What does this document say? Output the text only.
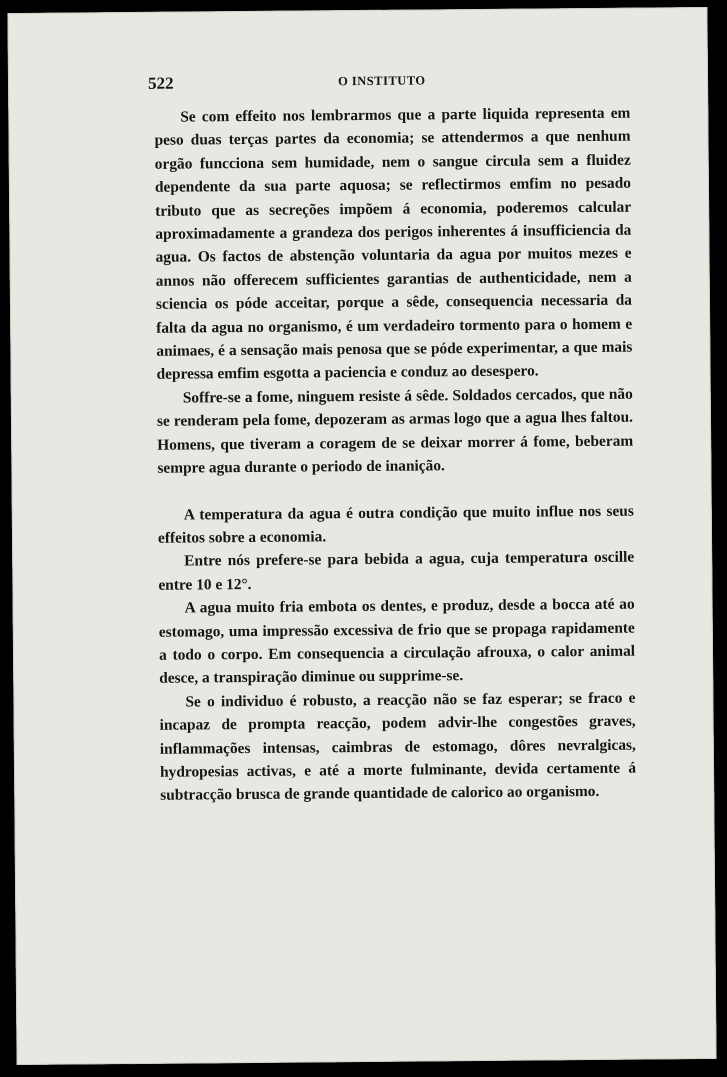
522	O INSTITUTO

Se com effeito nos lembrarmos que a parte liquida representa em peso duas terças partes da economia; se attendermos a que nenhum orgão funcciona sem humidade, nem o sangue circula sem a fluidez dependente da sua parte aquosa; se reflectirmos emfim no pesado tributo que as secreções impõem á economia, poderemos calcular aproximadamente a grandeza dos perigos inherentes á insufficiencia da agua. Os factos de abstenção voluntaria da agua por muitos mezes e annos não offerecem sufficientes garantias de authenticidade, nem a sciencia os póde acceitar, porque a sêde, consequencia necessaria da falta da agua no organismo, é um verdadeiro tormento para o homem e animaes, é a sensação mais penosa que se póde experimentar, a que mais depressa emfim esgotta a paciencia e conduz ao desespero.

Soffre-se a fome, ninguem resiste á sêde. Soldados cercados, que não se renderam pela fome, depozeram as armas logo que a agua lhes faltou. Homens, que tiveram a coragem de se deixar morrer á fome, beberam sempre agua durante o periodo de inanição.

A temperatura da agua é outra condição que muito influe nos seus effeitos sobre a economia.

Entre nós prefere-se para bebida a agua, cuja temperatura oscille entre 10 e 12°.

A agua muito fria embota os dentes, e produz, desde a bocca até ao estomago, uma impressão excessiva de frio que se propaga rapidamente a todo o corpo. Em consequencia a circulação afrouxa, o calor animal desce, a transpiração diminue ou supprime-se.

Se o individuo é robusto, a reacção não se faz esperar; se fraco e incapaz de prompta reacção, podem advir-lhe congestões graves, inflammações intensas, caimbras de estomago, dôres nevralgicas, hydropesias activas, e até a morte fulminante, devida certamente á subtracção brusca de grande quantidade de calorico ao organismo.
